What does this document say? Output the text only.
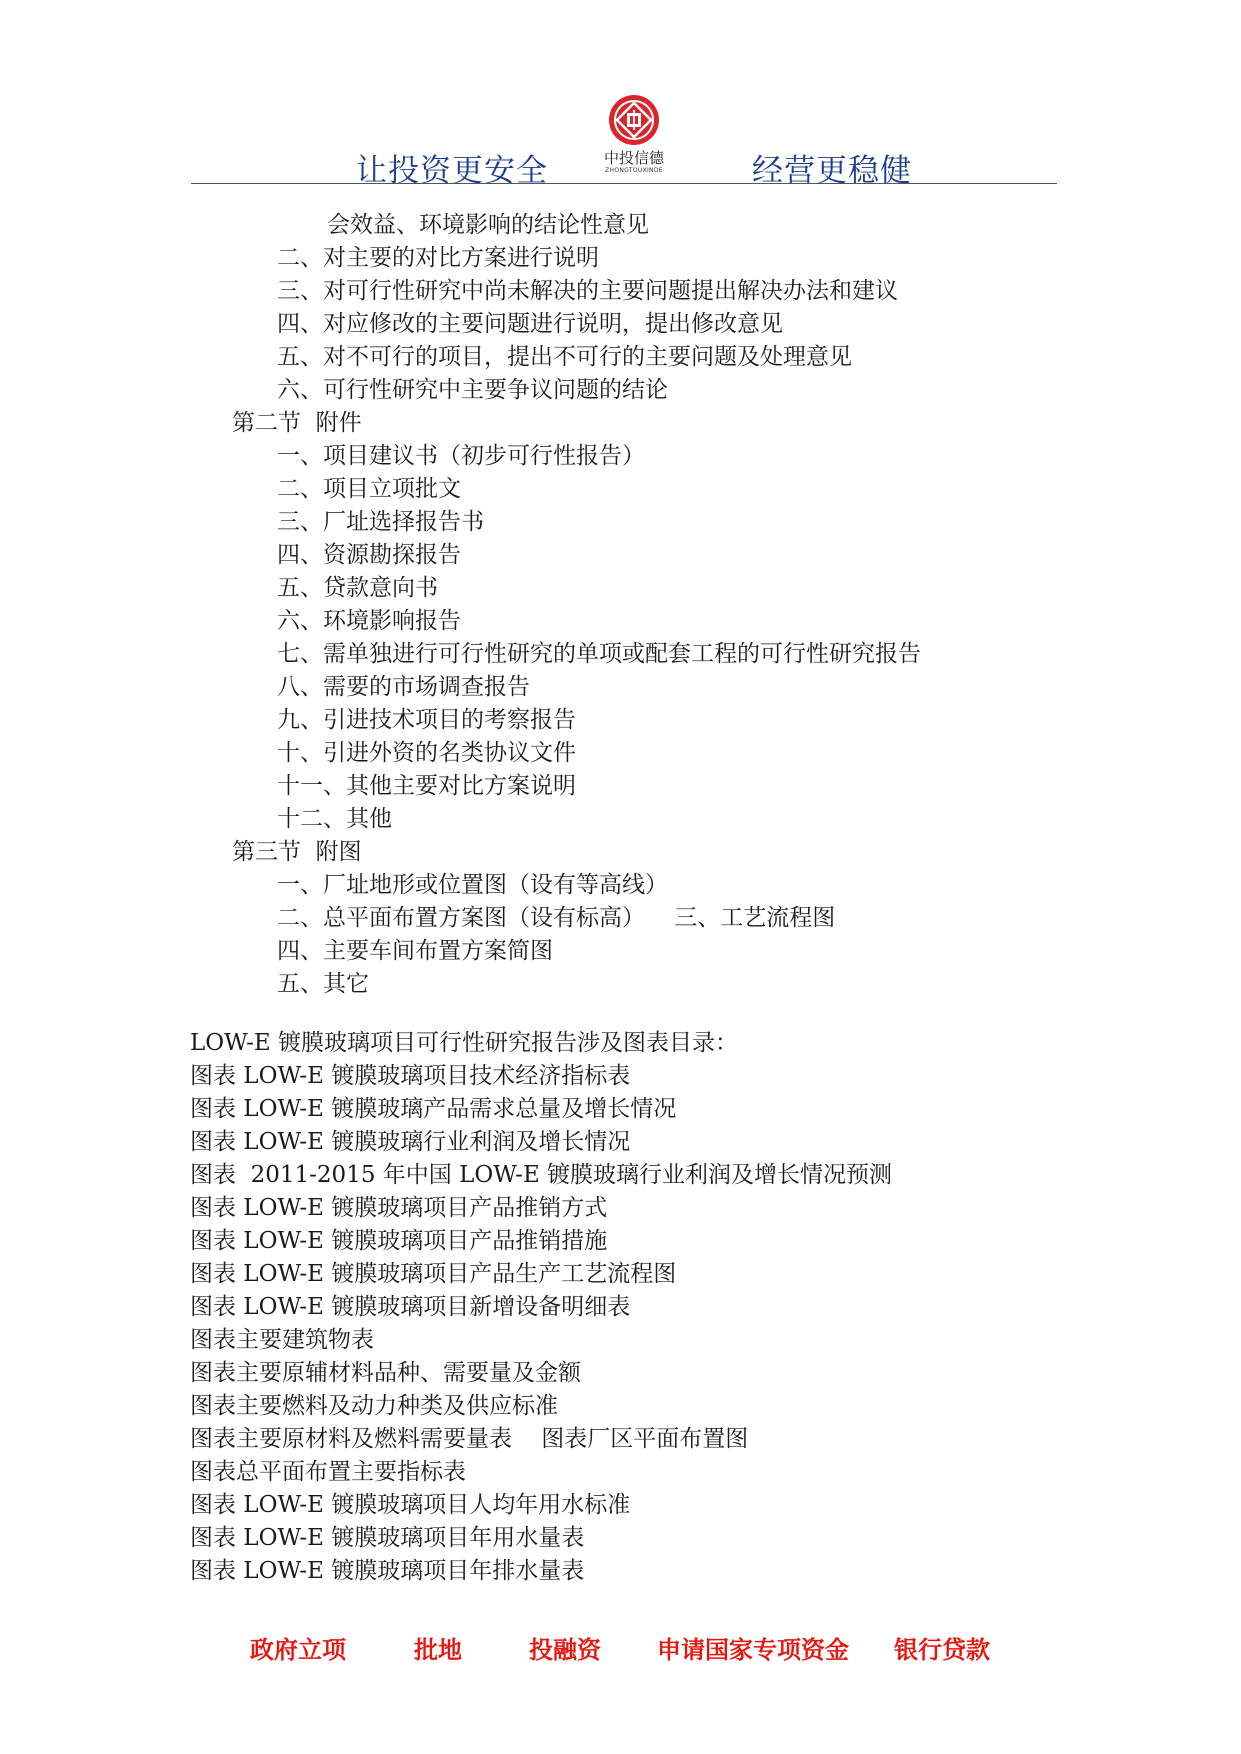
让投资更安全	中投信德
ZHONGTOUXINDE	经营更稳健
会效益、环境影响的结论性意见
二、对主要的对比方案进行说明
三、对可行性研究中尚未解决的主要问题提出解决办法和建议
四、对应修改的主要问题进行说明，提出修改意见
五、对不可行的项目，提出不可行的主要问题及处理意见
六、可行性研究中主要争议问题的结论
第二节  附件
一、项目建议书（初步可行性报告）
二、项目立项批文
三、厂址选择报告书
四、资源勘探报告
五、贷款意向书
六、环境影响报告
七、需单独进行可行性研究的单项或配套工程的可行性研究报告
八、需要的市场调查报告
九、引进技术项目的考察报告
十、引进外资的名类协议文件
十一、其他主要对比方案说明
十二、其他
第三节  附图
一、厂址地形或位置图（设有等高线）
二、总平面布置方案图（设有标高）    三、工艺流程图
四、主要车间布置方案简图
五、其它
LOW-E 镀膜玻璃项目可行性研究报告涉及图表目录：
图表 LOW-E 镀膜玻璃项目技术经济指标表
图表 LOW-E 镀膜玻璃产品需求总量及增长情况
图表 LOW-E 镀膜玻璃行业利润及增长情况
图表  2011-2015 年中国 LOW-E 镀膜玻璃行业利润及增长情况预测
图表 LOW-E 镀膜玻璃项目产品推销方式
图表 LOW-E 镀膜玻璃项目产品推销措施
图表 LOW-E 镀膜玻璃项目产品生产工艺流程图
图表 LOW-E 镀膜玻璃项目新增设备明细表
图表主要建筑物表
图表主要原辅材料品种、需要量及金额
图表主要燃料及动力种类及供应标准
图表主要原材料及燃料需要量表    图表厂区平面布置图
图表总平面布置主要指标表
图表 LOW-E 镀膜玻璃项目人均年用水标准
图表 LOW-E 镀膜玻璃项目年用水量表
图表 LOW-E 镀膜玻璃项目年排水量表
政府立项	批地	投融资 申请国家专项资金 银行贷款
